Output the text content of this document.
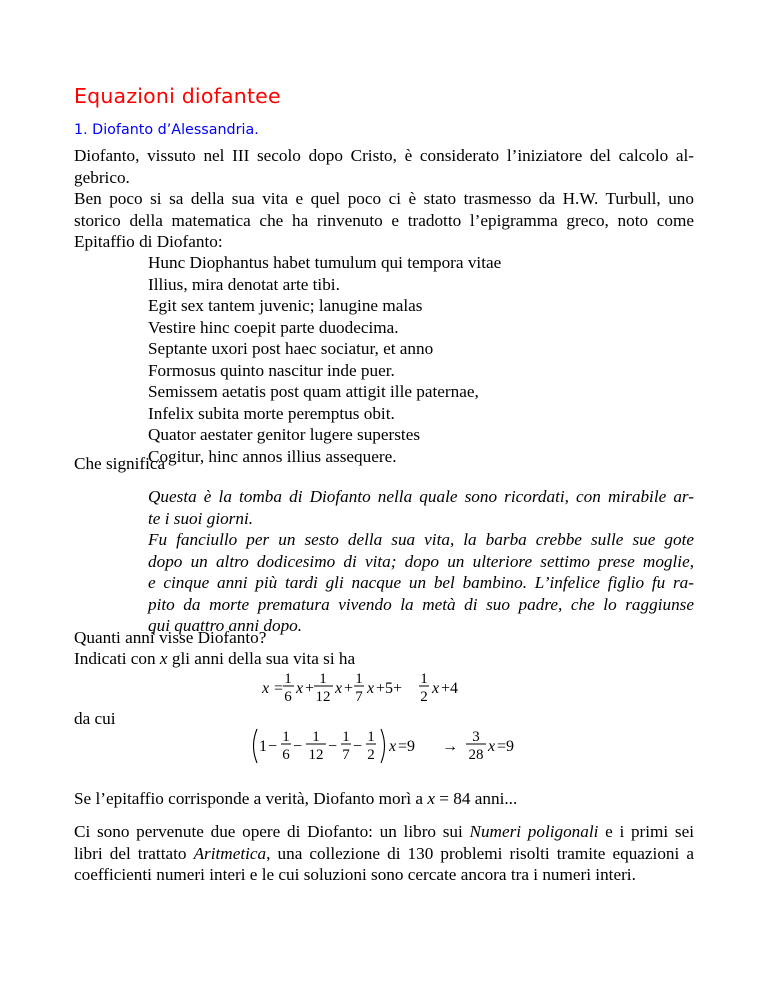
Equazioni diofantee
1. Diofanto d’Alessandria.
Diofanto, vissuto nel III secolo dopo Cristo, è considerato l’iniziatore del calcolo al-
gebrico.
Ben poco si sa della sua vita e quel poco ci è stato trasmesso da H.W. Turbull, uno
storico della matematica che ha rinvenuto e tradotto l’epigramma greco, noto come
Epitaffio di Diofanto:
Hunc Diophantus habet tumulum qui tempora vitae
Illius, mira denotat arte tibi.
Egit sex tantem juvenic; lanugine malas
Vestire hinc coepit parte duodecima.
Septante uxori post haec sociatur, et anno
Formosus quinto nascitur inde puer.
Semissem aetatis post quam attigit ille paternae,
Infelix subita morte peremptus obit.
Quator aestater genitor lugere superstes
Cogitur, hinc annos illius assequere.
Che significa
Questa è la tomba di Diofanto nella quale sono ricordati, con mirabile ar-
te i suoi giorni.
Fu fanciullo per un sesto della sua vita, la barba crebbe sulle sue gote
dopo un altro dodicesimo di vita; dopo un ulteriore settimo prese moglie,
e cinque anni più tardi gli nacque un bel bambino. L’infelice figlio fu ra-
pito da morte prematura vivendo la metà di suo padre, che lo raggiunse
qui quattro anni dopo.
Quanti anni visse Diofanto?
Indicati con x gli anni della sua vita si ha
x =
1
6 x +
1
12 x +
1
7 x +5+
1
2 x +4
1 −
1
6 −
1
12 −
1
7 −
1
2 x =9 →
3
28 x =9
da cui
Se l’epitaffio corrisponde a verità, Diofanto morì a x = 84 anni...
Ci sono pervenute due opere di Diofanto: un libro sui Numeri poligonali e i primi sei
libri del trattato Aritmetica, una collezione di 130 problemi risolti tramite equazioni a
coefficienti numeri interi e le cui soluzioni sono cercate ancora tra i numeri interi.
